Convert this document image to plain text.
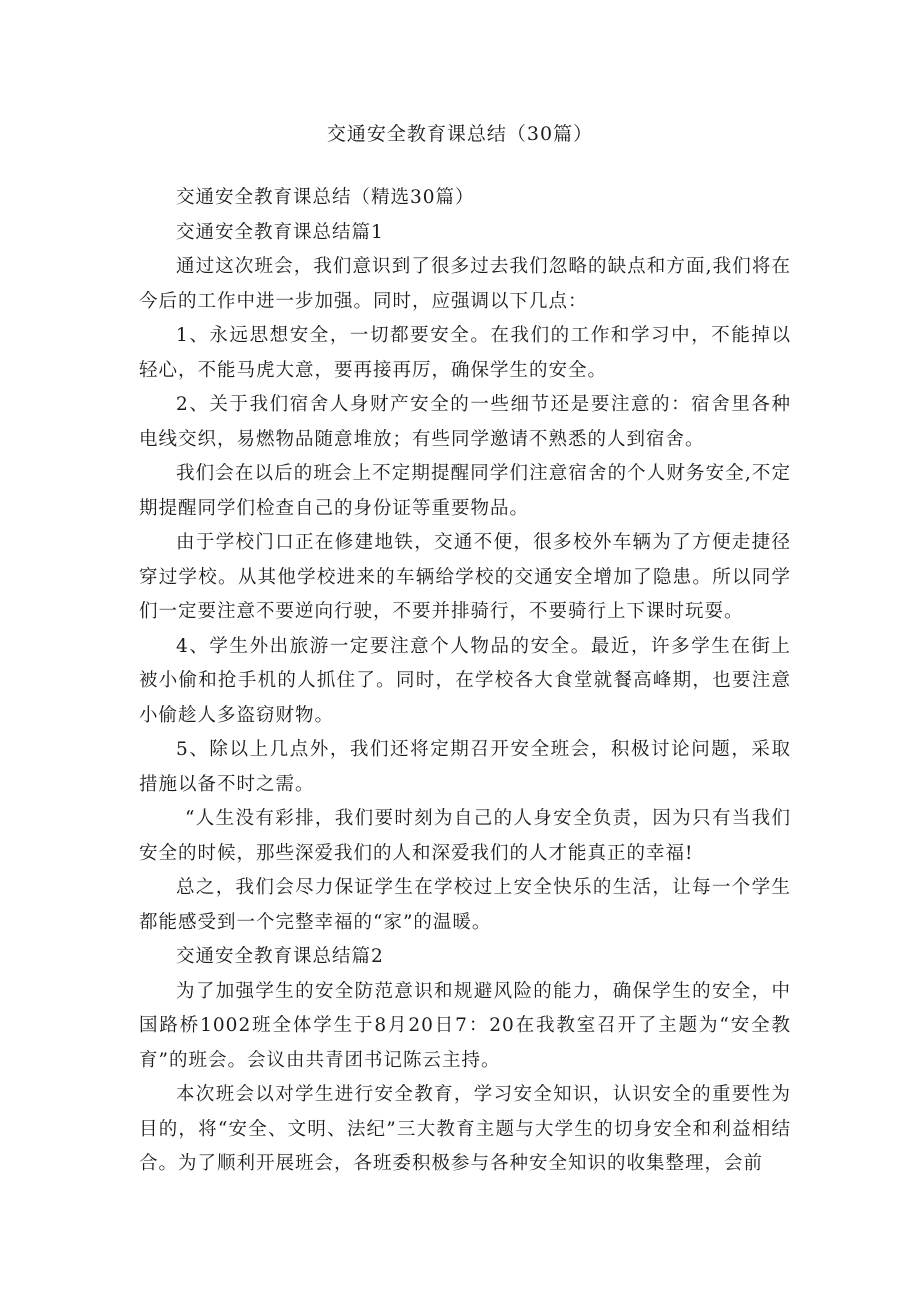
交通安全教育课总结（30篇）

交通安全教育课总结（精选30篇）

交通安全教育课总结篇1

通过这次班会，我们意识到了很多过去我们忽略的缺点和方面,我们将在今后的工作中进一步加强。同时，应强调以下几点：

1、永远思想安全，一切都要安全。在我们的工作和学习中，不能掉以轻心，不能马虎大意，要再接再厉，确保学生的安全。

2、关于我们宿舍人身财产安全的一些细节还是要注意的：宿舍里各种电线交织，易燃物品随意堆放；有些同学邀请不熟悉的人到宿舍。

我们会在以后的班会上不定期提醒同学们注意宿舍的个人财务安全,不定期提醒同学们检查自己的身份证等重要物品。

由于学校门口正在修建地铁，交通不便，很多校外车辆为了方便走捷径穿过学校。从其他学校进来的车辆给学校的交通安全增加了隐患。所以同学们一定要注意不要逆向行驶，不要并排骑行，不要骑行上下课时玩耍。

4、学生外出旅游一定要注意个人物品的安全。最近，许多学生在街上被小偷和抢手机的人抓住了。同时，在学校各大食堂就餐高峰期，也要注意小偷趁人多盗窃财物。

5、除以上几点外，我们还将定期召开安全班会，积极讨论问题，采取措施以备不时之需。

“人生没有彩排，我们要时刻为自己的人身安全负责，因为只有当我们安全的时候，那些深爱我们的人和深爱我们的人才能真正的幸福!

总之，我们会尽力保证学生在学校过上安全快乐的生活，让每一个学生都能感受到一个完整幸福的“家”的温暖。

交通安全教育课总结篇2

为了加强学生的安全防范意识和规避风险的能力，确保学生的安全，中国路桥1002班全体学生于8月20日7：20在我教室召开了主题为“安全教育”的班会。会议由共青团书记陈云主持。

本次班会以对学生进行安全教育，学习安全知识，认识安全的重要性为目的，将“安全、文明、法纪”三大教育主题与大学生的切身安全和利益相结合。为了顺利开展班会，各班委积极参与各种安全知识的收集整理，会前
